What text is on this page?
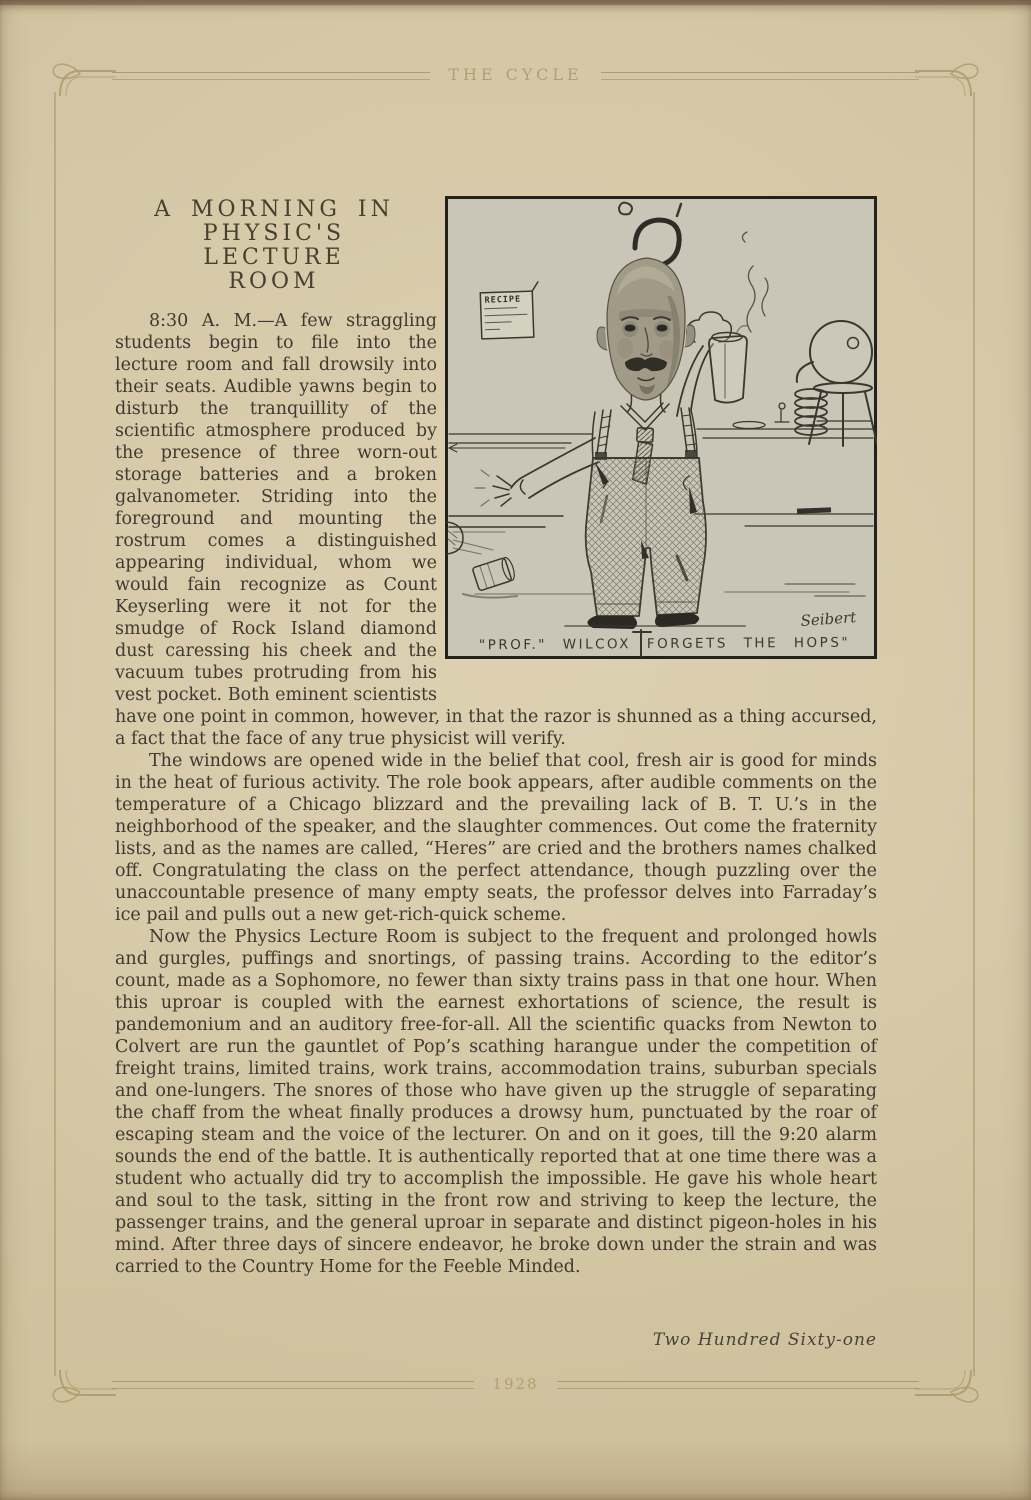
THE CYCLE
1928
RECIPE
Seibert
"PROF." WILCOX FORGETS THE HOPS"
A MORNING IN
PHYSIC'S
LECTURE
ROOM

8:30 A. M.—A few straggling students begin to file into the lecture room and fall drowsily into their seats. Audible yawns begin to disturb the tranquillity of the scientific atmosphere produced by the presence of three worn-out storage batteries and a broken galvanometer. Striding into the foreground and mounting the rostrum comes a distinguished appearing individual, whom we would fain recognize as Count Keyserling were it not for the smudge of Rock Island diamond dust caressing his cheek and the vacuum tubes protruding from his vest pocket. Both eminent scientists have one point in common, however, in that the razor is shunned as a thing accursed, a fact that the face of any true physicist will verify.

The windows are opened wide in the belief that cool, fresh air is good for minds in the heat of furious activity. The role book appears, after audible comments on the temperature of a Chicago blizzard and the prevailing lack of B. T. U.’s in the neighborhood of the speaker, and the slaughter commences. Out come the fraternity lists, and as the names are called, “Heres” are cried and the brothers names chalked off. Congratulating the class on the perfect attendance, though puzzling over the unaccountable presence of many empty seats, the professor delves into Farraday’s ice pail and pulls out a new get-rich-quick scheme.

Now the Physics Lecture Room is subject to the frequent and prolonged howls and gurgles, puffings and snortings, of passing trains. According to the editor’s count, made as a Sophomore, no fewer than sixty trains pass in that one hour. When this uproar is coupled with the earnest exhortations of science, the result is pandemonium and an auditory free-for-all. All the scientific quacks from Newton to Colvert are run the gauntlet of Pop’s scathing harangue under the competition of freight trains, limited trains, work trains, accommodation trains, suburban specials and one-lungers. The snores of those who have given up the struggle of separating the chaff from the wheat finally produces a drowsy hum, punctuated by the roar of escaping steam and the voice of the lecturer. On and on it goes, till the 9:20 alarm sounds the end of the battle. It is authentically reported that at one time there was a student who actually did try to accomplish the impossible. He gave his whole heart and soul to the task, sitting in the front row and striving to keep the lecture, the passenger trains, and the general uproar in separate and distinct pigeon-holes in his mind. After three days of sincere endeavor, he broke down under the strain and was carried to the Country Home for the Feeble Minded.

Two Hundred Sixty-one
